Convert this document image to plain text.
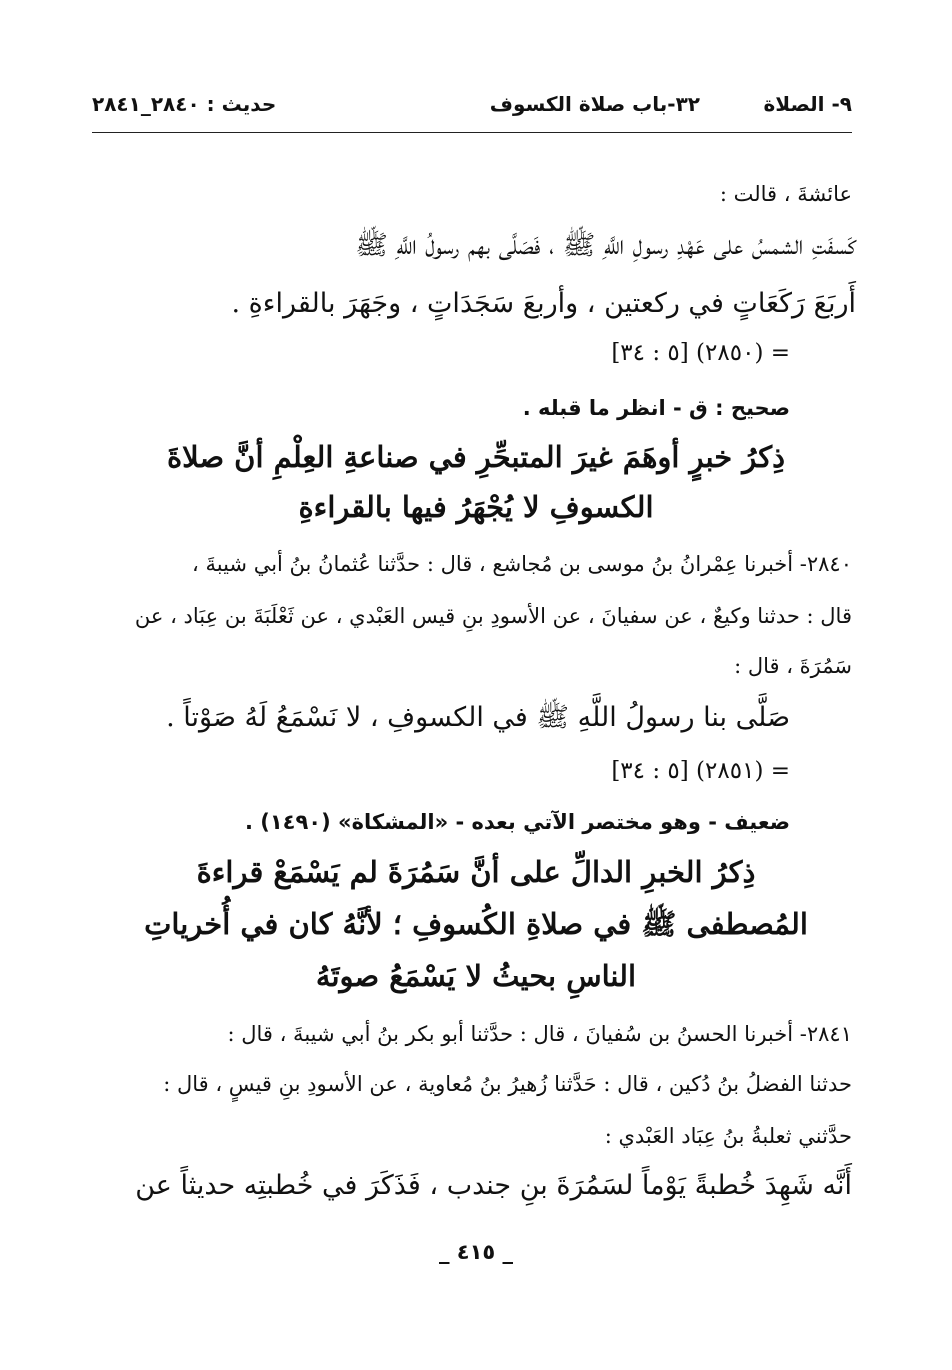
٩- الصلاة
٣٢-باب صلاة الكسوف
حديث : ٢٨٤٠_٢٨٤١
عائشةَ ، قالت :
كَسفَتِ الشمسُ على عَهْدِ رسولِ اللَّهِ ﷺ ، فَصَلَّى بهم رسولُ اللَّهِ ﷺ
أَربَعَ رَكَعَاتٍ في ركعتين ، وأربعَ سَجَدَاتٍ ، وجَهَرَ بالقراءةِ .
= (٢٨٥٠) [٥ : ٣٤]
صحيح : ق - انظر ما قبله .
ذِكرُ خبرٍ أوهَمَ غيرَ المتبحِّرِ في صناعةِ العِلْمِ أنَّ صلاةَ
الكسوفِ لا يُجْهَرُ فيها بالقراءةِ
٢٨٤٠- أخبرنا عِمْرانُ بنُ موسى بن مُجاشع ، قال : حدَّثنا عُثمانُ بنُ أبي شيبةَ ،
قال : حدثنا وكيعٌ ، عن سفيانَ ، عن الأسودِ بنِ قيس العَبْدي ، عن ثَعْلَبَةَ بن عِبَاد ، عن
سَمُرَةَ ، قال :
صَلَّى بنا رسولُ اللَّهِ ﷺ في الكسوفِ ، لا نَسْمَعُ لَهُ صَوْتاً .
= (٢٨٥١) [٥ : ٣٤]
ضعيف - وهو مختصر الآتي بعده - «المشكاة» (١٤٩٠) .
ذِكرُ الخبرِ الدالِّ على أنَّ سَمُرَةَ لم يَسْمَعْ قراءةَ
المُصطفى ﷺ في صلاةِ الكُسوفِ ؛ لأنَّهُ كان في أُخرياتِ
الناسِ بحيثُ لا يَسْمَعُ صوتَهُ
٢٨٤١- أخبرنا الحسنُ بن سُفيانَ ، قال : حدَّثنا أبو بكر بنُ أبي شيبةَ ، قال :
حدثنا الفضلُ بنُ دُكين ، قال : حَدَّثنا زُهيرُ بنُ مُعاوية ، عن الأسودِ بنِ قيسٍ ، قال :
حدَّثني ثعلبةُ بنُ عِبَاد العَبْدي :
أَنَّه شَهِدَ خُطبةً يَوْماً لسَمُرَةَ بنِ جندب ، فَذَكَرَ في خُطبتِه حديثاً عن
_ ٤١٥ _
